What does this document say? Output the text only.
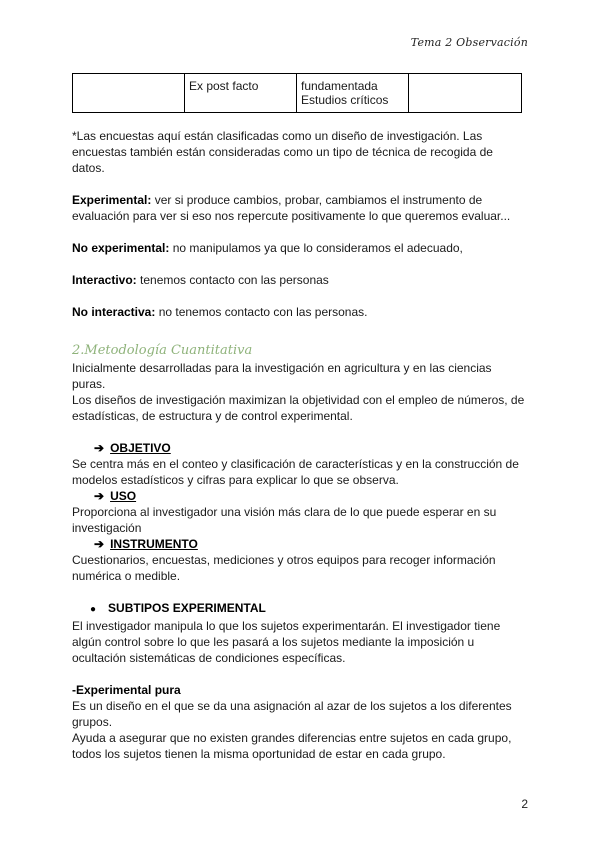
Tema 2 Observación
	Ex post facto	fundamentada
Estudios críticos	

*Las encuestas aquí están clasificadas como un diseño de investigación. Las encuestas también están consideradas como un tipo de técnica de recogida de datos.

Experimental: ver si produce cambios, probar, cambiamos el instrumento de evaluación para ver si eso nos repercute positivamente lo que queremos evaluar...

No experimental: no manipulamos ya que lo consideramos el adecuado,

Interactivo: tenemos contacto con las personas

No interactiva: no tenemos contacto con las personas.

2.Metodología Cuantitativa

Inicialmente desarrolladas para la investigación en agricultura y en las ciencias puras.

Los diseños de investigación maximizan la objetividad con el empleo de números, de estadísticas, de estructura y de control experimental.

➔ OBJETIVO

Se centra más en el conteo y clasificación de características y en la construcción de modelos estadísticos y cifras para explicar lo que se observa.

➔ USO

Proporciona al investigador una visión más clara de lo que puede esperar en su investigación

➔ INSTRUMENTO

Cuestionarios, encuestas, mediciones y otros equipos para recoger información numérica o medible.

● SUBTIPOS EXPERIMENTAL

El investigador manipula lo que los sujetos experimentarán. El investigador tiene algún control sobre lo que les pasará a los sujetos mediante la imposición u ocultación sistemáticas de condiciones específicas.

-Experimental pura

Es un diseño en el que se da una asignación al azar de los sujetos a los diferentes grupos.

Ayuda a asegurar que no existen grandes diferencias entre sujetos en cada grupo, todos los sujetos tienen la misma oportunidad de estar en cada grupo.

2
